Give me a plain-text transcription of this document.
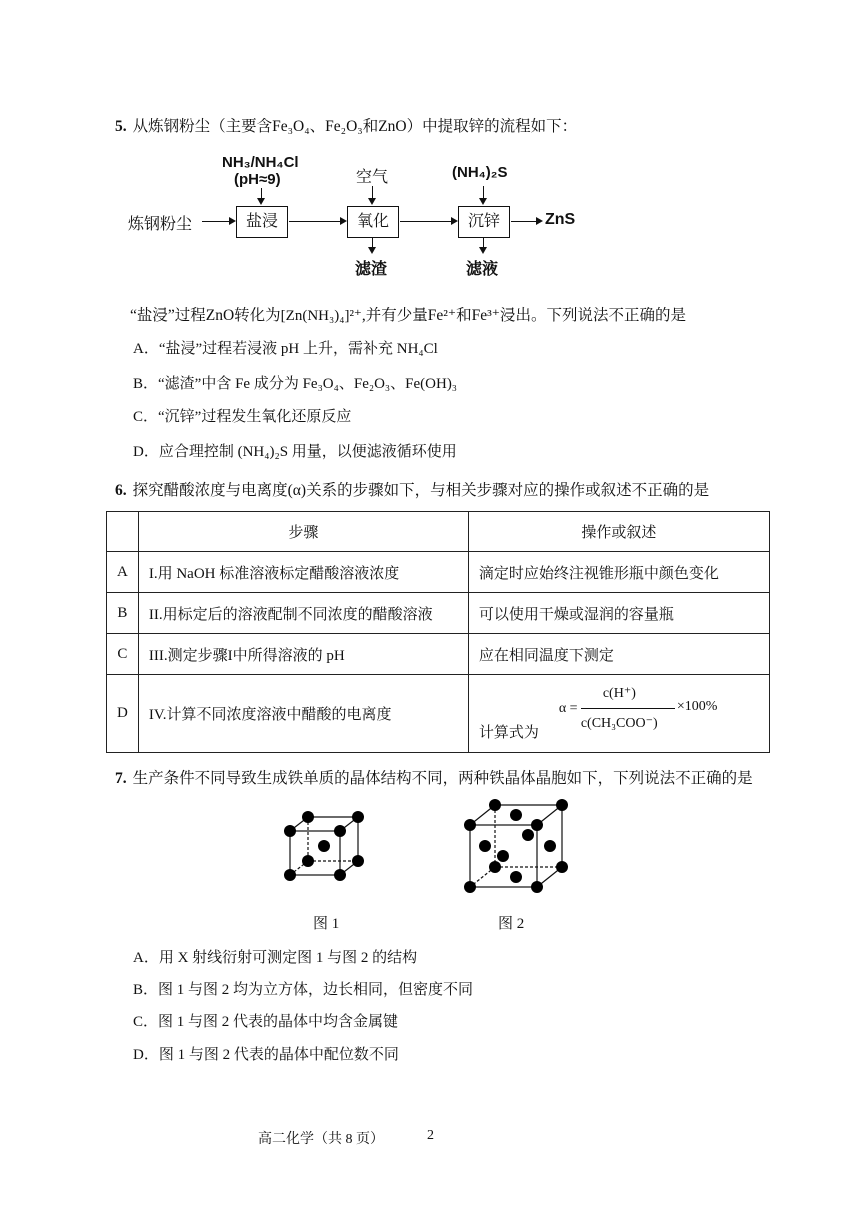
5. 从炼钢粉尘（主要含Fe₃O₄、Fe₂O₃和ZnO）中提取锌的流程如下：
炼钢粉尘	盐浸	氧化	沉锌	ZnS
NH₃/NH₄Cl
(pH≈9)	空气	(NH₄)₂S
滤渣	滤液
“盐浸”过程ZnO转化为[Zn(NH₃)₄]²⁺,并有少量Fe²⁺和Fe³⁺浸出。下列说法不正确的是
A．“盐浸”过程若浸液 pH 上升，需补充 NH₄Cl
B．“滤渣”中含 Fe 成分为 Fe₃O₄、Fe₂O₃、Fe(OH)₃
C．“沉锌”过程发生氧化还原反应
D．应合理控制 (NH₄)₂S 用量，以便滤液循环使用
6. 探究醋酸浓度与电离度(α)关系的步骤如下，与相关步骤对应的操作或叙述不正确的是
	步骤	操作或叙述
A	I.用 NaOH 标准溶液标定醋酸溶液浓度	滴定时应始终注视锥形瓶中颜色变化
B	II.用标定后的溶液配制不同浓度的醋酸溶液	可以使用干燥或湿润的容量瓶
C	III.测定步骤I中所得溶液的 pH	应在相同温度下测定
D	IV.计算不同浓度溶液中醋酸的电离度	计算式为
α =
c(H⁺)
c(CH₃COO⁻)
×100%
7. 生产条件不同导致生成铁单质的晶体结构不同，两种铁晶体晶胞如下，下列说法不正确的是
图 1	图 2
A．用 X 射线衍射可测定图 1 与图 2 的结构
B．图 1 与图 2 均为立方体，边长相同，但密度不同
C．图 1 与图 2 代表的晶体中均含金属键
D．图 1 与图 2 代表的晶体中配位数不同
高二化学（共 8 页）	2
